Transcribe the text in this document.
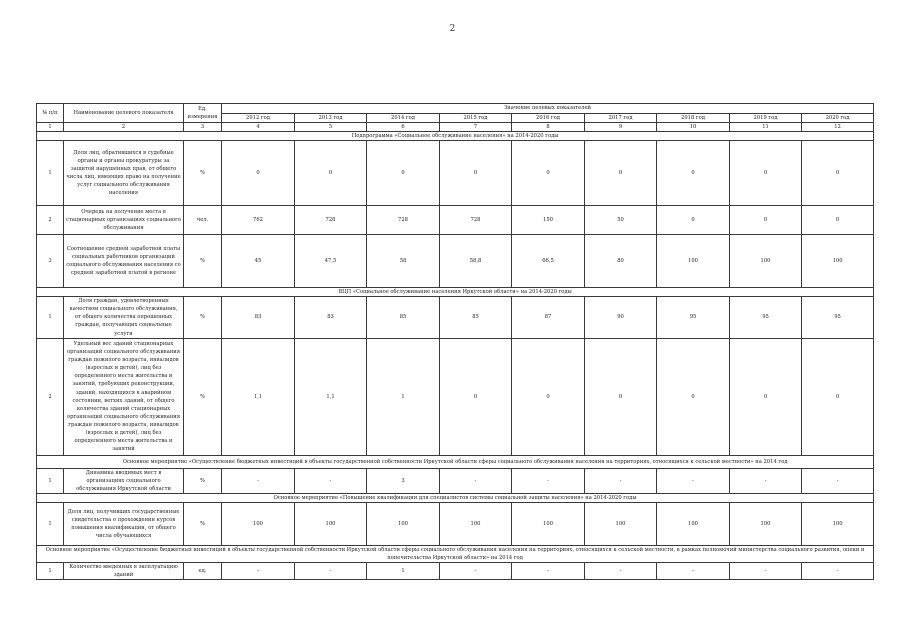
2
№ п/п	Наименование целевого показателя	Ед. измерения	Значение целевых показателей								
			2012 год	2013 год	2014 год	2015 год	2016 год	2017 год	2018 год	2019 год	2020 год
1	2	3	4	5	6	7	8	9	10	11	12
Подпрограмма «Социальное обслуживание населения» на 2014-2020 годы											
1	Доля лиц, обратившихся в судебные органы и органы прокуратуры за защитой нарушенных прав, от общего числа лиц, имеющих право на получение услуг социального обслуживания населения	%	0	0	0	0	0	0	0	0	0
2	Очередь на получение места в стационарных организациях социального обслуживания	чел.	762	728	728	728	150	50	0	0	0
3	Соотношение средней заработной платы социальных работников организаций социального обслуживания населения со средней заработной платой в регионе	%	45	47,5	58	58,8	66,5	80	100	100	100
ВЦП «Социальное обслуживание населения Иркутской области» на 2014-2020 годы											
1	Доля граждан, удовлетворенных качеством социального обслуживания, от общего количества опрошенных граждан, получающих социальные услуги	%	83	83	85	85	87	90	95	95	95
2	Удельный вес зданий стационарных организаций социального обслуживания граждан пожилого возраста, инвалидов (взрослых и детей), лиц без определенного места жительства и занятий, требующих реконструкции, зданий, находящихся в аварийном состоянии, ветхих зданий, от общего количества зданий стационарных организаций социального обслуживания граждан пожилого возраста, инвалидов (взрослых и детей), лиц без определенного места жительства и занятий	%	1,1	1,1	1	0	0	0	0	0	0
Основное мероприятие «Осуществление бюджетных инвестиций в объекты государственной собственности Иркутской области сферы социального обслуживания населения на территориях, относящихся к сельской местности» на 2014 год											
1	Динамика вводимых мест в организациях социального обслуживания Иркутской области	%	-	-	3	-	-	-	-	-	-
Основное мероприятие «Повышение квалификации для специалистов системы социальной защиты населения» на 2014-2020 годы											
1	Доля лиц, получивших государственные свидетельства о прохождении курсов повышения квалификации, от общего числа обучающихся	%	100	100	100	100	100	100	100	100	100
Основное мероприятие «Осуществление бюджетных инвестиций в объекты государственной собственности Иркутской области сферы социального обслуживания населения на территориях, относящихся к сельской местности, в рамках полномочий министерства социального развития, опеки и попечительства Иркутской области» на 2014 год											
1	Количество введенных в эксплуатацию зданий	ед.	-	-	1	-	-	-	-	-	-
